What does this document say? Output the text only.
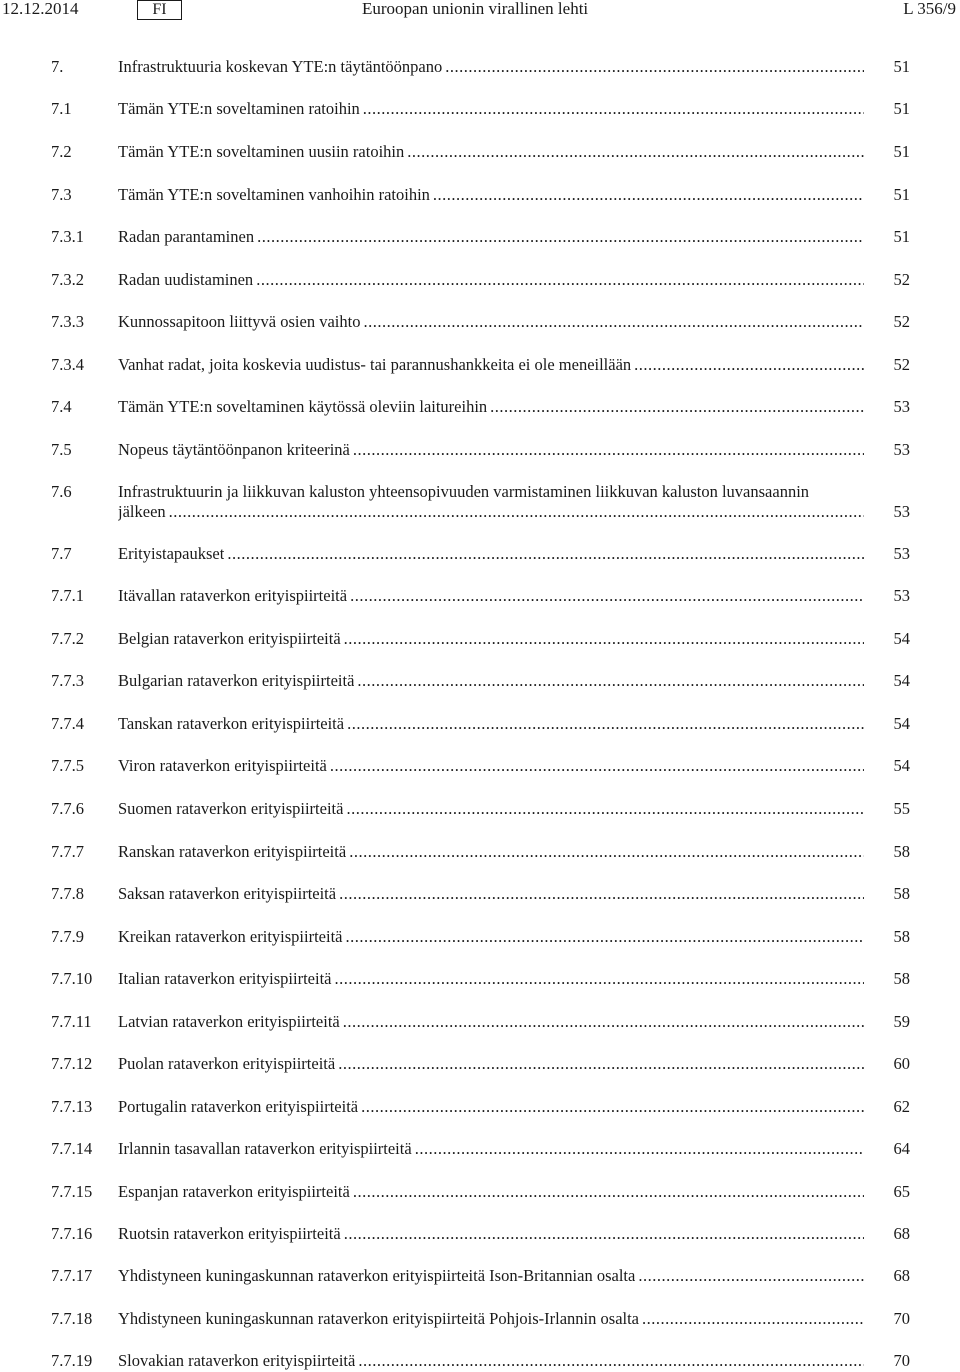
12.12.2014	FI	Euroopan unionin virallinen lehti	L 356/9
7.	Infrastruktuuria koskevan YTE:n täytäntöönpano .....	51
7.1	Tämän YTE:n soveltaminen ratoihin .....	51
7.2	Tämän YTE:n soveltaminen uusiin ratoihin .....	51
7.3	Tämän YTE:n soveltaminen vanhoihin ratoihin .....	51
7.3.1 Radan parantaminen .....	51
7.3.2 Radan uudistaminen .....	52
7.3.3 Kunnossapitoon liittyvä osien vaihto .....	52
7.3.4 Vanhat radat, joita koskevia uudistus- tai parannushankkeita ei ole meneillään .....	52
7.4	Tämän YTE:n soveltaminen käytössä oleviin laitureihin .....	53
7.5	Nopeus täytäntöönpanon kriteerinä .....	53
7.6	Infrastruktuurin ja liikkuvan kaluston yhteensopivuuden varmistaminen liikkuvan kaluston luvansaannin
jälkeen .....	53
7.7	Erityistapaukset .....	53
7.7.1 Itävallan rataverkon erityispiirteitä .....	53
7.7.2 Belgian rataverkon erityispiirteitä .....	54
7.7.3 Bulgarian rataverkon erityispiirteitä .....	54
7.7.4 Tanskan rataverkon erityispiirteitä .....	54
7.7.5 Viron rataverkon erityispiirteitä .....	54
7.7.6 Suomen rataverkon erityispiirteitä .....	55
7.7.7 Ranskan rataverkon erityispiirteitä .....	58
7.7.8 Saksan rataverkon erityispiirteitä .....	58
7.7.9 Kreikan rataverkon erityispiirteitä .....	58
7.7.10 Italian rataverkon erityispiirteitä .....	58
7.7.11 Latvian rataverkon erityispiirteitä .....	59
7.7.12 Puolan rataverkon erityispiirteitä .....	60
7.7.13 Portugalin rataverkon erityispiirteitä .....	62
7.7.14 Irlannin tasavallan rataverkon erityispiirteitä .....	64
7.7.15 Espanjan rataverkon erityispiirteitä .....	65
7.7.16 Ruotsin rataverkon erityispiirteitä .....	68
7.7.17 Yhdistyneen kuningaskunnan rataverkon erityispiirteitä Ison-Britannian osalta .....	68
7.7.18 Yhdistyneen kuningaskunnan rataverkon erityispiirteitä Pohjois-Irlannin osalta .....	70
7.7.19 Slovakian rataverkon erityispiirteitä .....	70
